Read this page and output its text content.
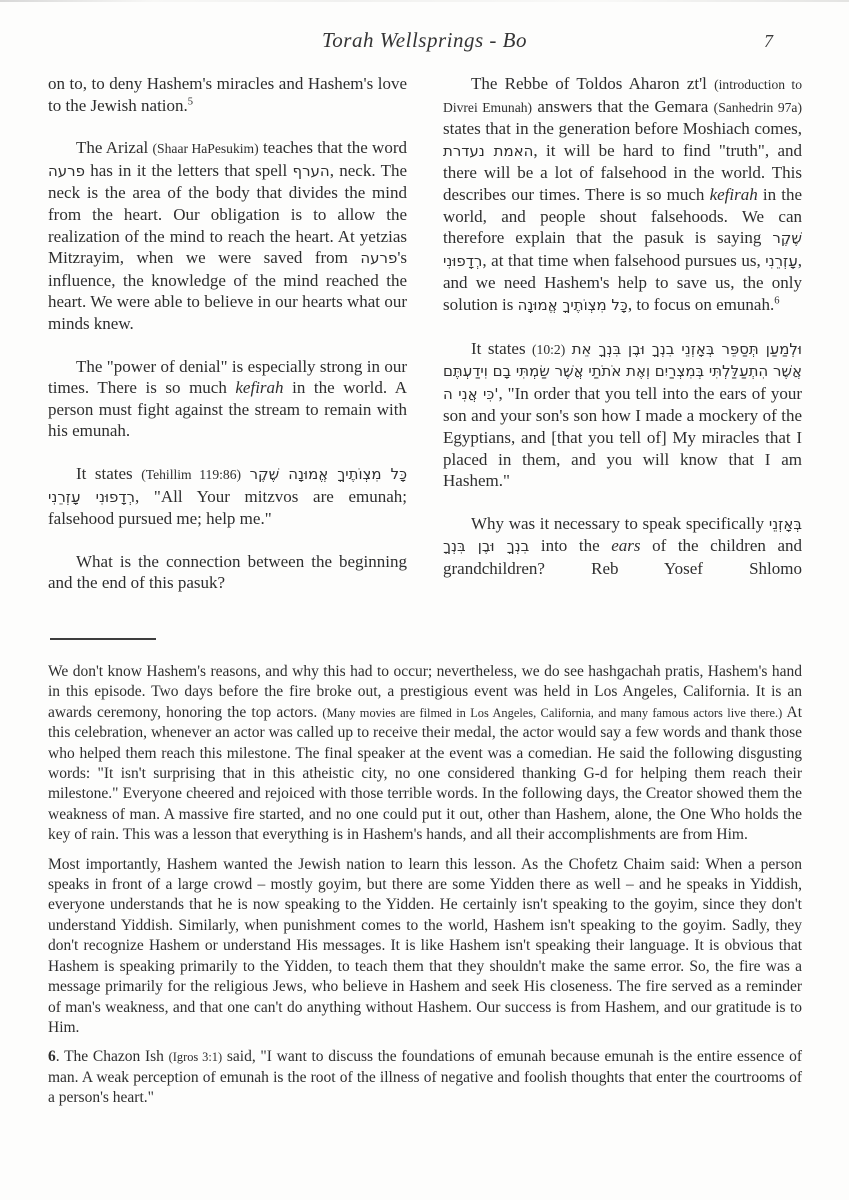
Torah Wellsprings - Bo	7

on to, to deny Hashem's miracles and Hashem's love to the Jewish nation.$^5$

The Arizal (Shaar HaPesukim) teaches that the word פרעה has in it the letters that spell הערף, neck. The neck is the area of the body that divides the mind from the heart. Our obligation is to allow the realization of the mind to reach the heart. At yetzias Mitzrayim, when we were saved from פרעה's influence, the knowledge of the mind reached the heart. We were able to believe in our hearts what our minds knew.

The "power of denial" is especially strong in our times. There is so much kefirah in the world. A person must fight against the stream to remain with his emunah.

It states (Tehillim 119:86) כָּל מִצְוֹתֶיךָ אֱמוּנָה שֶׁקֶר רְדָפוּנִי עָזְרֵנִי, "All Your mitzvos are emunah; falsehood pursued me; help me."

What is the connection between the beginning and the end of this pasuk?

The Rebbe of Toldos Aharon zt'l (introduction to Divrei Emunah) answers that the Gemara (Sanhedrin 97a) states that in the generation before Moshiach comes, האמת נעדרת, it will be hard to find "truth", and there will be a lot of falsehood in the world. This describes our times. There is so much kefirah in the world, and people shout falsehoods. We can therefore explain that the pasuk is saying שֶׁקֶר רְדָפוּנִי, at that time when falsehood pursues us, עָזְרֵנִי, and we need Hashem's help to save us, the only solution is כָּל מִצְוֹתֶיךָ אֱמוּנָה, to focus on emunah.$^6$

It states (10:2) וּלְמַעַן תְּסַפֵּר בְּאָזְנֵי בִנְךָ וּבֶן בִּנְךָ אֵת אֲשֶׁר הִתְעַלַּלְתִּי בְּמִצְרַיִם וְאֶת אֹתֹתַי אֲשֶׁר שַׂמְתִּי בָם וִידַעְתֶּם כִּי אֲנִי ה', "In order that you tell into the ears of your son and your son's son how I made a mockery of the Egyptians, and [that you tell of] My miracles that I placed in them, and you will know that I am Hashem."

Why was it necessary to speak specifically בְּאָזְנֵי בִנְךָ וּבֶן בִּנְךָ into the ears of the children and grandchildren? Reb Yosef Shlomo

We don't know Hashem's reasons, and why this had to occur; nevertheless, we do see hashgachah pratis, Hashem's hand in this episode. Two days before the fire broke out, a prestigious event was held in Los Angeles, California. It is an awards ceremony, honoring the top actors. (Many movies are filmed in Los Angeles, California, and many famous actors live there.) At this celebration, whenever an actor was called up to receive their medal, the actor would say a few words and thank those who helped them reach this milestone. The final speaker at the event was a comedian. He said the following disgusting words: "It isn't surprising that in this atheistic city, no one considered thanking G-d for helping them reach their milestone." Everyone cheered and rejoiced with those terrible words. In the following days, the Creator showed them the weakness of man. A massive fire started, and no one could put it out, other than Hashem, alone, the One Who holds the key of rain. This was a lesson that everything is in Hashem's hands, and all their accomplishments are from Him.

Most importantly, Hashem wanted the Jewish nation to learn this lesson. As the Chofetz Chaim said: When a person speaks in front of a large crowd – mostly goyim, but there are some Yidden there as well – and he speaks in Yiddish, everyone understands that he is now speaking to the Yidden. He certainly isn't speaking to the goyim, since they don't understand Yiddish. Similarly, when punishment comes to the world, Hashem isn't speaking to the goyim. Sadly, they don't recognize Hashem or understand His messages. It is like Hashem isn't speaking their language. It is obvious that Hashem is speaking primarily to the Yidden, to teach them that they shouldn't make the same error. So, the fire was a message primarily for the religious Jews, who believe in Hashem and seek His closeness. The fire served as a reminder of man's weakness, and that one can't do anything without Hashem. Our success is from Hashem, and our gratitude is to Him.

6. The Chazon Ish (Igros 3:1) said, "I want to discuss the foundations of emunah because emunah is the entire essence of man. A weak perception of emunah is the root of the illness of negative and foolish thoughts that enter the courtrooms of a person's heart."
